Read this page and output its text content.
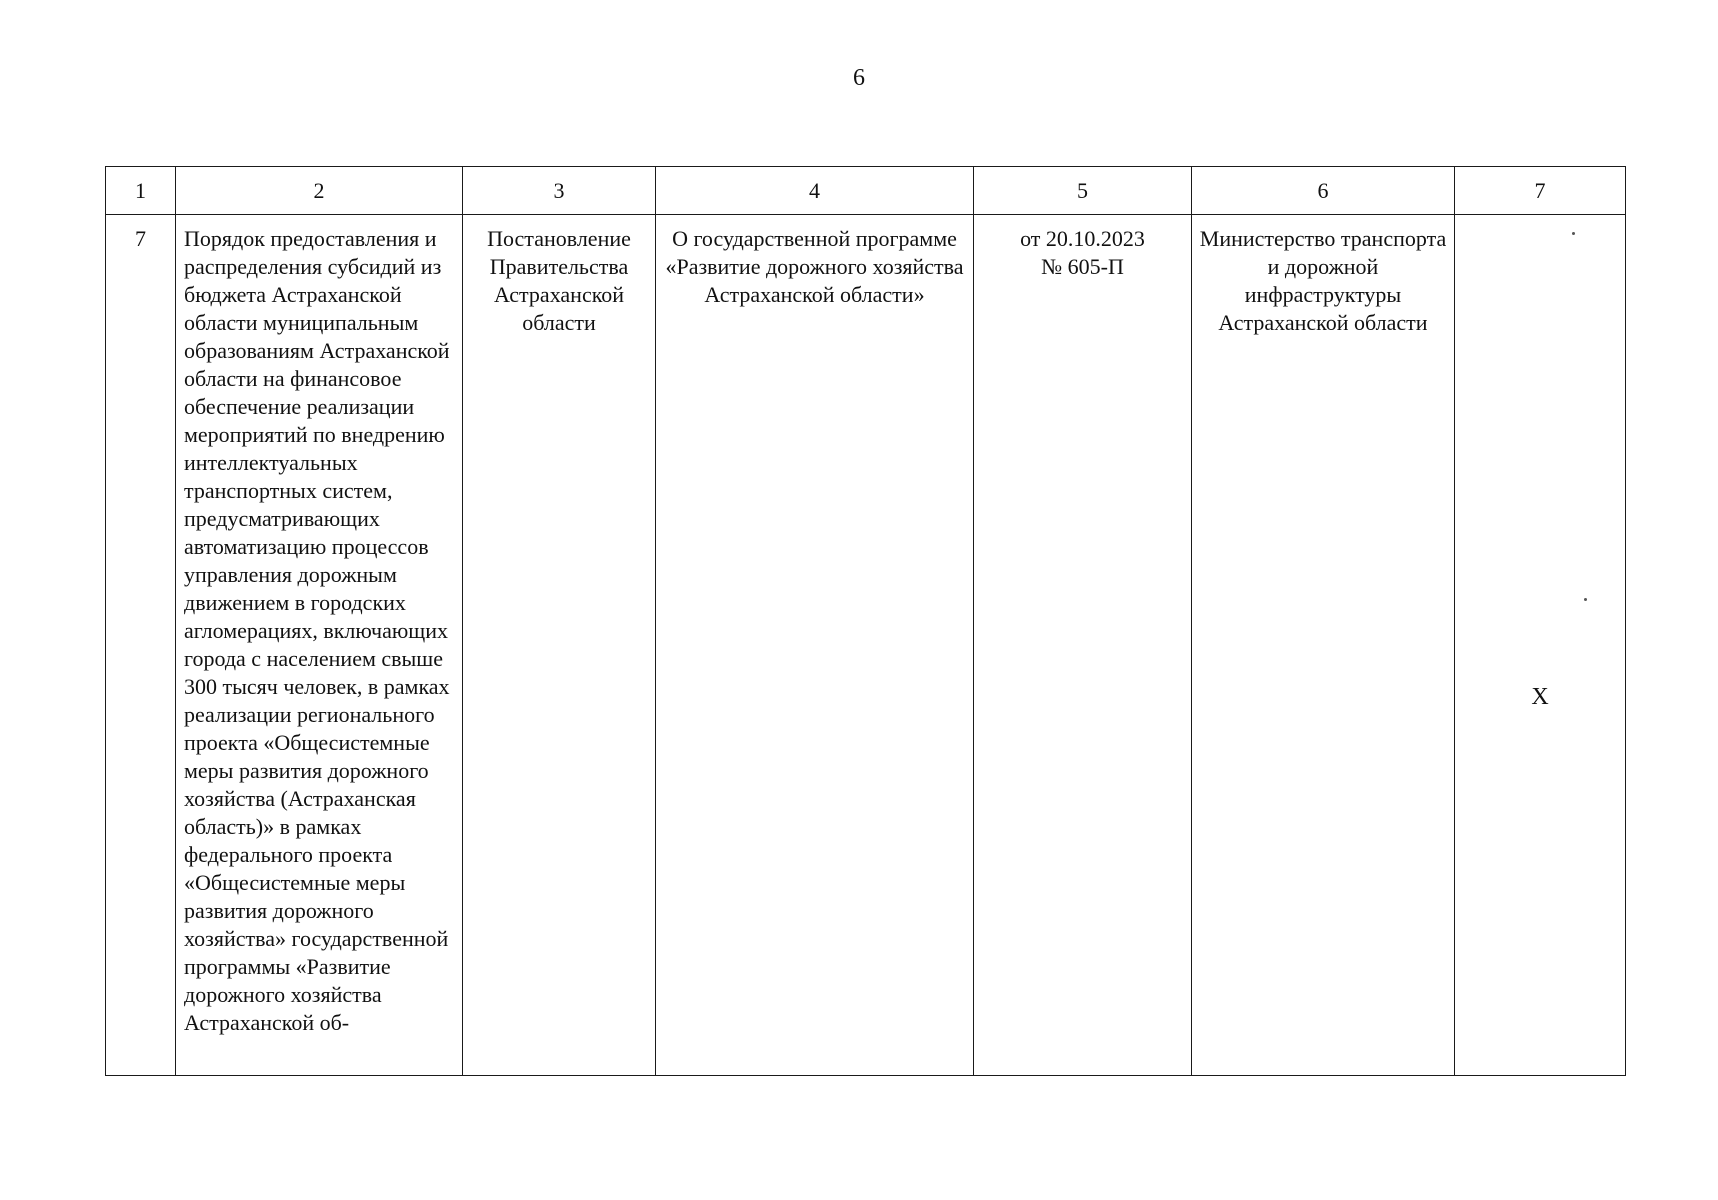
6
1	2	3	4	5	6	7

7	Порядок предоставления и распределения субсидий из бюджета Астраханской области муниципальным образованиям Астраханской области на финансовое обеспечение реализации мероприятий по внедрению интеллектуальных транспортных систем, предусматривающих автоматизацию процессов управления дорожным движением в городских агломерациях, включающих города с населением свыше 300 тысяч человек, в рамках реализации регионального проекта «Общесистемные меры развития дорожного хозяйства (Астраханская область)» в рамках федерального проекта «Общесистемные меры развития дорожного хозяйства» государственной программы «Развитие дорожного хозяйства Астраханской об-	Постановление Правительства Астраханской области	О государственной программе «Развитие дорожного хозяйства Астраханской области»	от 20.10.2023
№ 605-П	Министерство транспорта и дорожной инфраструктуры Астраханской области	Х
